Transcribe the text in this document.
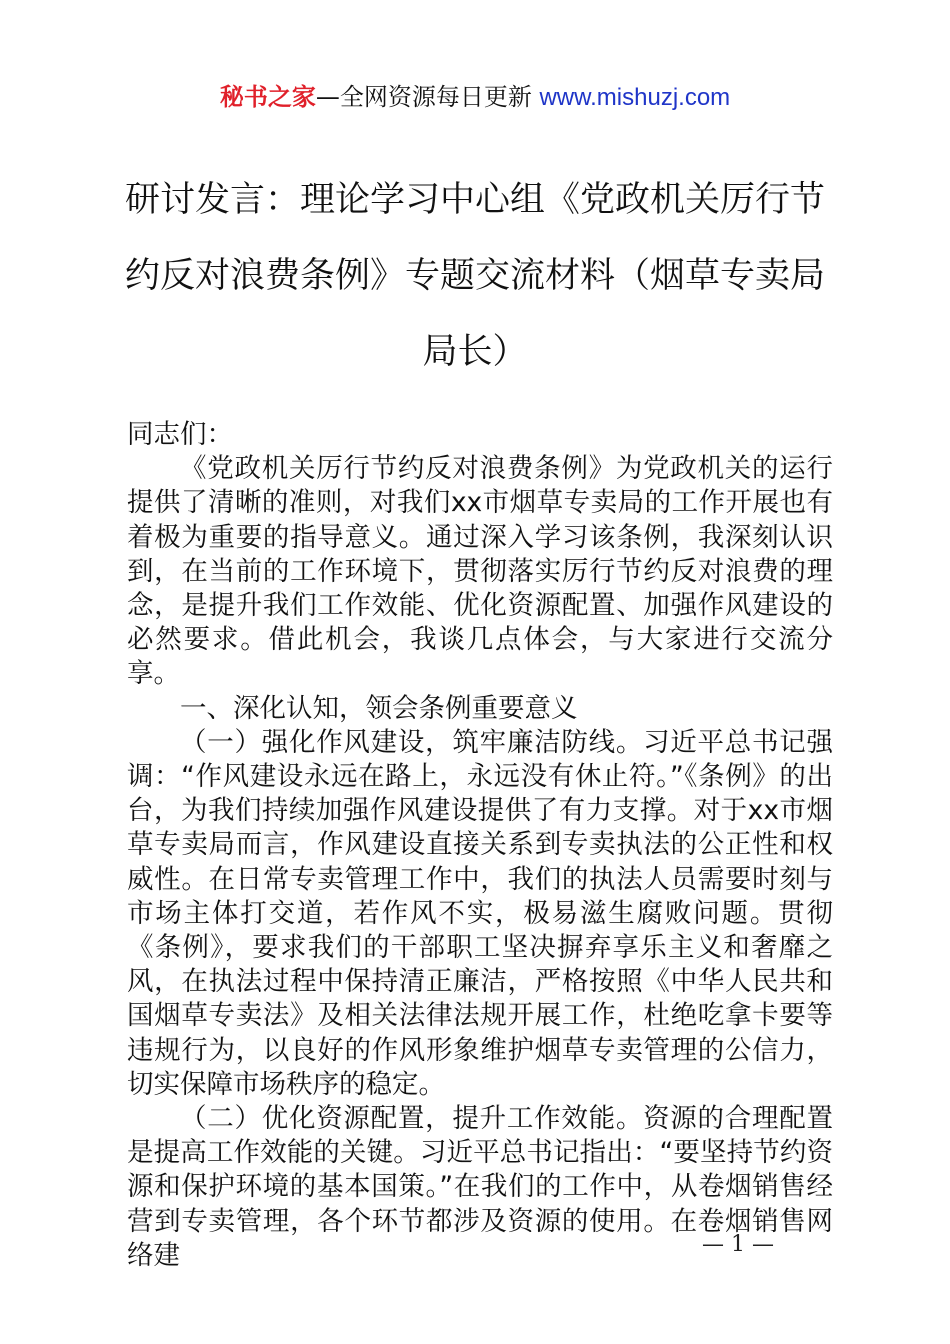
秘书之家—全网资源每日更新 www.mishuzj.com
研讨发言：理论学习中心组《党政机关厉行节约反对浪费条例》专题交流材料（烟草专卖局局长）

同志们：

《党政机关厉行节约反对浪费条例》为党政机关的运行提供了清晰的准则，对我们xx市烟草专卖局的工作开展也有着极为重要的指导意义。通过深入学习该条例，我深刻认识到，在当前的工作环境下，贯彻落实厉行节约反对浪费的理念，是提升我们工作效能、优化资源配置、加强作风建设的必然要求。借此机会，我谈几点体会，与大家进行交流分享。

一、深化认知，领会条例重要意义

（一）强化作风建设，筑牢廉洁防线。习近平总书记强调：“作风建设永远在路上，永远没有休止符。”《条例》的出台，为我们持续加强作风建设提供了有力支撑。对于xx市烟草专卖局而言，作风建设直接关系到专卖执法的公正性和权威性。在日常专卖管理工作中，我们的执法人员需要时刻与市场主体打交道，若作风不实，极易滋生腐败问题。贯彻《条例》，要求我们的干部职工坚决摒弃享乐主义和奢靡之风，在执法过程中保持清正廉洁，严格按照《中华人民共和国烟草专卖法》及相关法律法规开展工作，杜绝吃拿卡要等违规行为，以良好的作风形象维护烟草专卖管理的公信力，切实保障市场秩序的稳定。

（二）优化资源配置，提升工作效能。资源的合理配置是提高工作效能的关键。习近平总书记指出：“要坚持节约资源和保护环境的基本国策。”在我们的工作中，从卷烟销售经营到专卖管理，各个环节都涉及资源的使用。在卷烟销售网络建	— 1 —
